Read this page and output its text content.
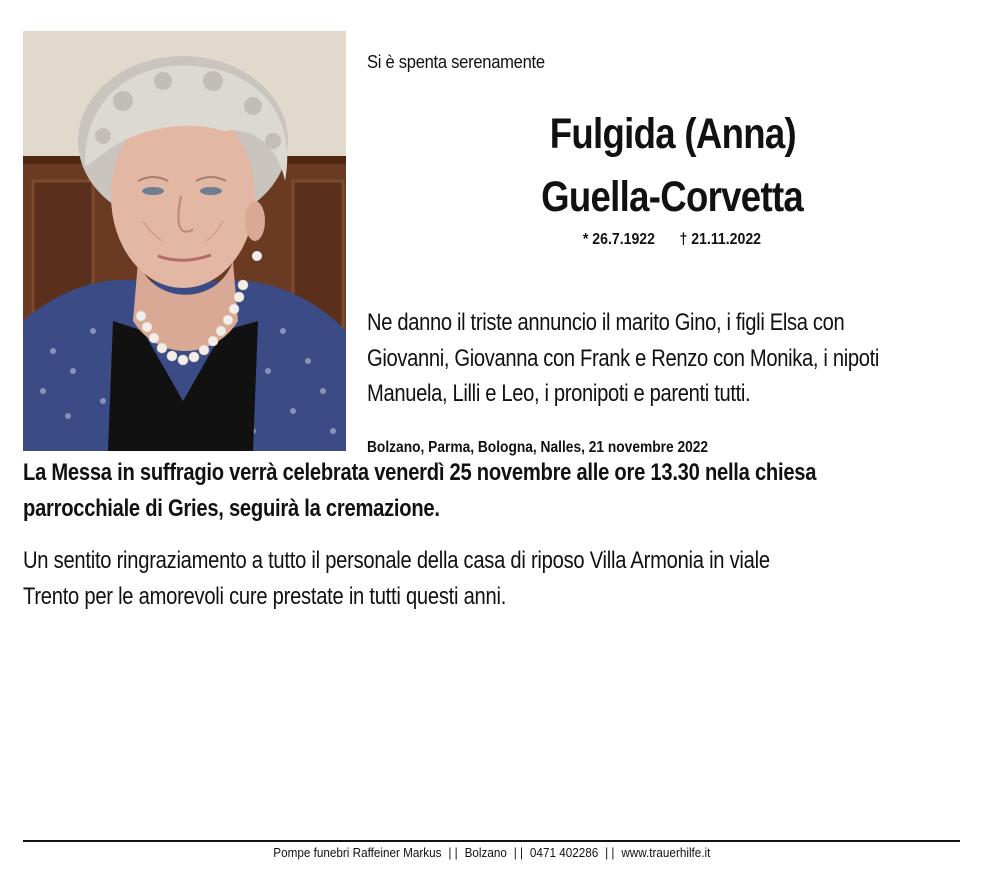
Si è spenta serenamente
Fulgida (Anna)
Guella-Corvetta
* 26.7.1922 † 21.11.2022
Ne danno il triste annuncio il marito Gino, i figli Elsa con
Giovanni, Giovanna con Frank e Renzo con Monika, i nipoti
Manuela, Lilli e Leo, i pronipoti e parenti tutti.
Bolzano, Parma, Bologna, Nalles, 21 novembre 2022
La Messa in suffragio verrà celebrata venerdì 25 novembre alle ore 13.30 nella chiesa
parrocchiale di Gries, seguirà la cremazione.
Un sentito ringraziamento a tutto il personale della casa di riposo Villa Armonia in viale
Trento per le amorevoli cure prestate in tutti questi anni.
Pompe funebri Raffeiner Markus | | Bolzano | | 0471 402286 | | www.trauerhilfe.it
